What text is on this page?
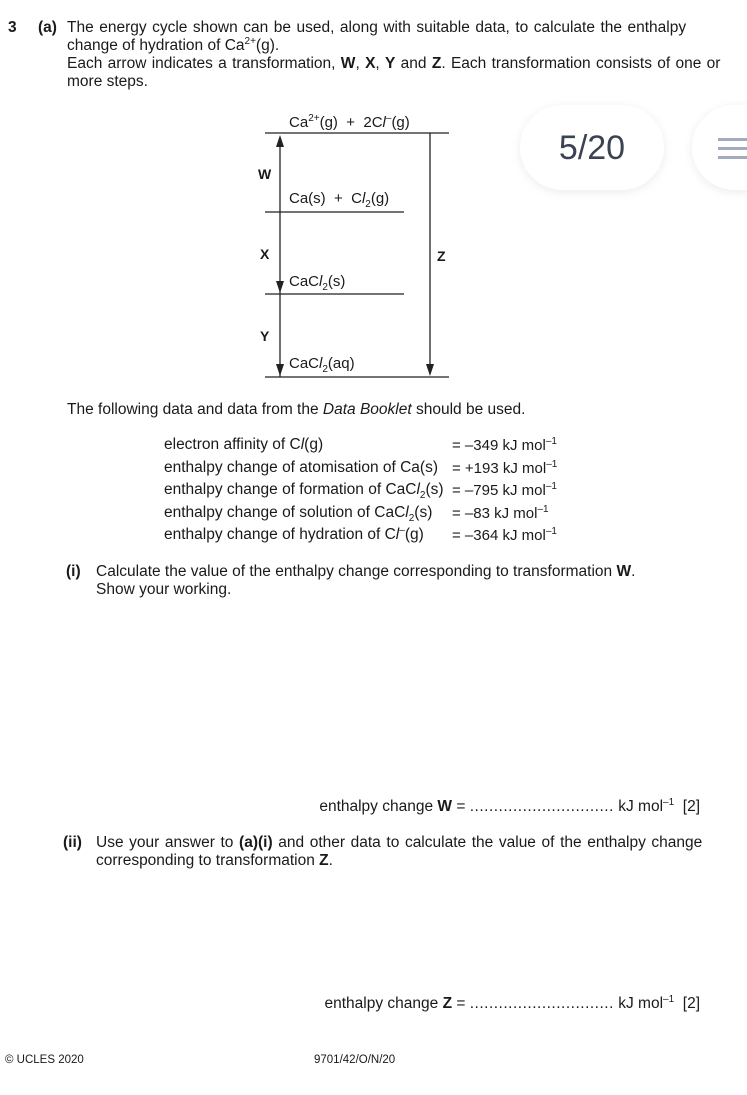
3 (a) The energy cycle shown can be used, along with suitable data, to calculate the enthalpy
change of hydration of $Ca^{2+}(g)$.
Each arrow indicates a transformation, W, X, Y and Z. Each transformation consists of one or
more steps.
$Ca^{2+}(g) + 2Cl^-(g)$
$Ca(s) + Cl_2(g)$
CaCl$_2$(s)
CaCl$_2$(aq)
W
X
Y
Z
5/20
The following data and data from the Data Booklet should be used.
electron affinity of Cl(g)	= –349 kJ mol$^{-1}$
enthalpy change of atomisation of Ca(s) = +193 kJ mol$^{-1}$
enthalpy change of formation of CaCl$_2$(s) = –795 kJ mol$^{-1}$
enthalpy change of solution of CaCl$_2$(s) = –83 kJ mol$^{-1}$
enthalpy change of hydration of Cl–(g) = –364 kJ mol$^{-1}$
(i) Calculate the value of the enthalpy change corresponding to transformation W.
Show your working.
enthalpy change W = .............................. kJ mol$^{-1}$ [2]
(ii) Use your answer to (a)(i) and other data to calculate the value of the enthalpy change
corresponding to transformation Z.
enthalpy change Z = .............................. kJ mol$^{-1}$ [2]
© UCLES 2020	9701/42/O/N/20
